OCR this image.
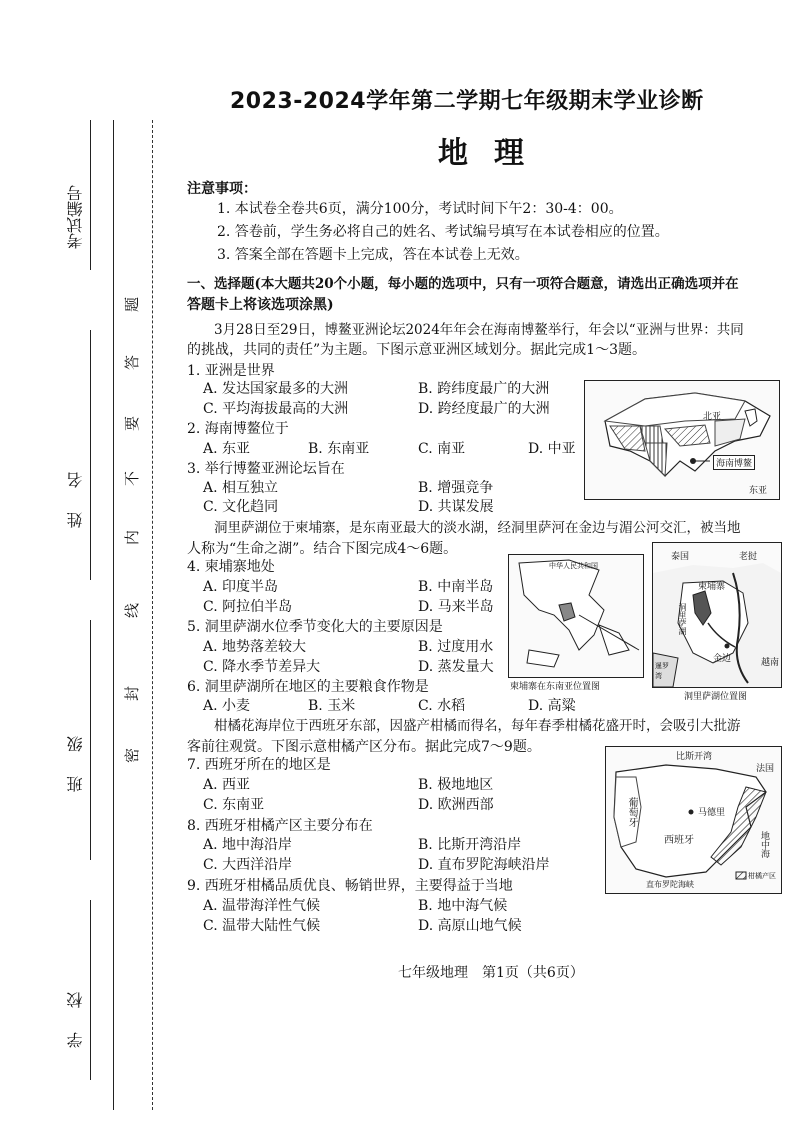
考试编号
姓名
班级
学校
密
封
线
内
不
要
答
题
2023-2024学年第二学期七年级期末学业诊断
地理
注意事项：
1. 本试卷全卷共6页，满分100分，考试时间下午2：30-4：00。
2. 答卷前，学生务必将自己的姓名、考试编号填写在本试卷相应的位置。
3. 答案全部在答题卡上完成，答在本试卷上无效。
一、选择题(本大题共20个小题，每小题的选项中，只有一项符合题意，请选出正确选项并在
答题卡上将该选项涂黑)
3月28日至29日，博鳌亚洲论坛2024年年会在海南博鳌举行，年会以“亚洲与世界：共同
的挑战，共同的责任”为主题。下图示意亚洲区域划分。据此完成1～3题。
1. 亚洲是世界
A. 发达国家最多的大洲	B. 跨纬度最广的大洲
C. 平均海拔最高的大洲	D. 跨经度最广的大洲
2. 海南博鳌位于
A. 东亚	B. 东南亚	C. 南亚	D. 中亚
3. 举行博鳌亚洲论坛旨在
A. 相互独立	B. 增强竞争
C. 文化趋同	D. 共谋发展
北亚
东亚
海南博鳌
洞里萨湖位于柬埔寨，是东南亚最大的淡水湖，经洞里萨河在金边与湄公河交汇，被当地
人称为“生命之湖”。结合下图完成4～6题。
4. 柬埔寨地处
A. 印度半岛	B. 中南半岛
C. 阿拉伯半岛	D. 马来半岛
5. 洞里萨湖水位季节变化大的主要原因是
A. 地势落差较大	B. 过度用水
C. 降水季节差异大	D. 蒸发量大
6. 洞里萨湖所在地区的主要粮食作物是
A. 小麦	B. 玉米	C. 水稻	D. 高粱
中华人民共和国
柬埔寨在东南亚位置图
泰国	老挝
柬埔寨
洞里萨湖
金边	越南
暹罗湾
洞里萨湖位置图
柑橘花海岸位于西班牙东部，因盛产柑橘而得名，每年春季柑橘花盛开时，会吸引大批游
客前往观赏。下图示意柑橘产区分布。据此完成7～9题。
7. 西班牙所在的地区是
A. 西亚	B. 极地地区
C. 东南亚	D. 欧洲西部
8. 西班牙柑橘产区主要分布在
A. 地中海沿岸	B. 比斯开湾沿岸
C. 大西洋沿岸	D. 直布罗陀海峡沿岸
9. 西班牙柑橘品质优良、畅销世界，主要得益于当地
A. 温带海洋性气候	B. 地中海气候
C. 温带大陆性气候	D. 高原山地气候
比斯开湾
法国
马德里
葡萄牙
西班牙
直布罗陀海峡
地中海
柑橘产区
七年级地理　第1页（共6页）
